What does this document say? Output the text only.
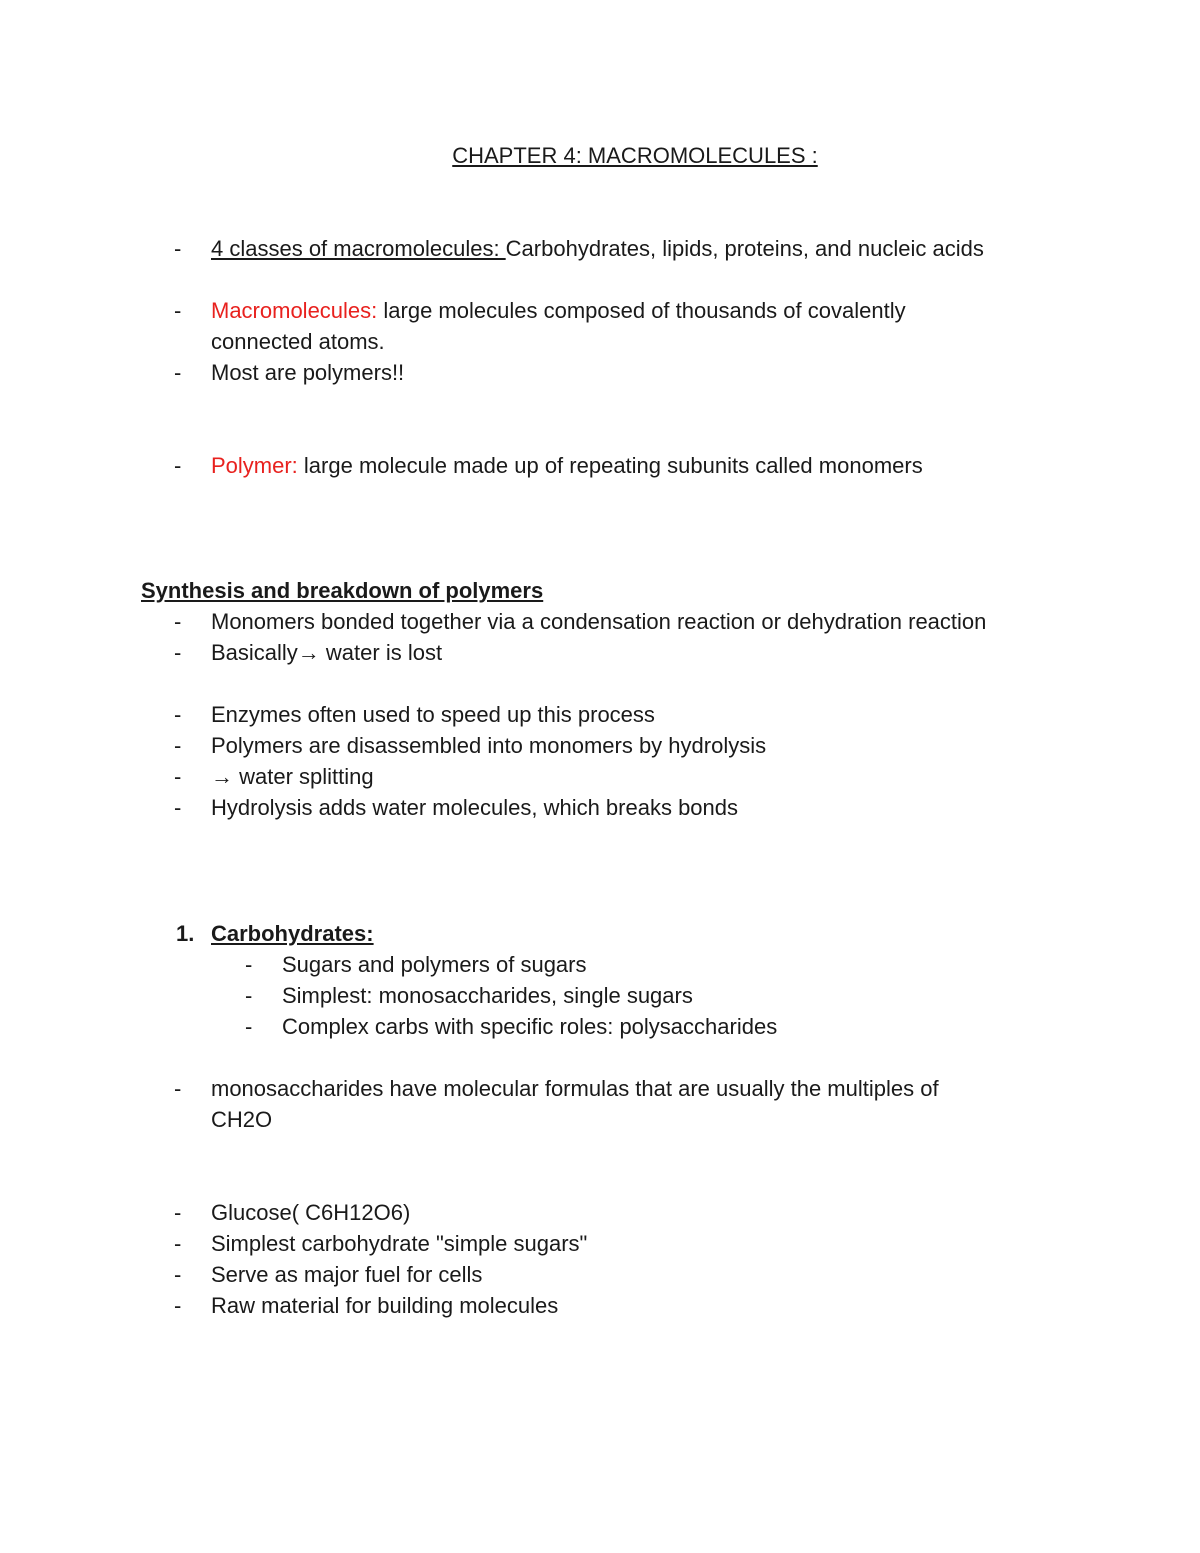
CHAPTER 4: MACROMOLECULES :
- 4 classes of macromolecules: Carbohydrates, lipids, proteins, and nucleic acids
- Macromolecules: large molecules composed of thousands of covalently
connected atoms.
- Most are polymers!!
- Polymer: large molecule made up of repeating subunits called monomers
Synthesis and breakdown of polymers
- Monomers bonded together via a condensation reaction or dehydration reaction
- Basically→ water is lost
- Enzymes often used to speed up this process
- Polymers are disassembled into monomers by hydrolysis
- → water splitting
- Hydrolysis adds water molecules, which breaks bonds
1. Carbohydrates:
- Sugars and polymers of sugars
- Simplest: monosaccharides, single sugars
- Complex carbs with specific roles: polysaccharides
- monosaccharides have molecular formulas that are usually the multiples of
CH2O
- Glucose( C6H12O6)
- Simplest carbohydrate "simple sugars"
- Serve as major fuel for cells
- Raw material for building molecules
